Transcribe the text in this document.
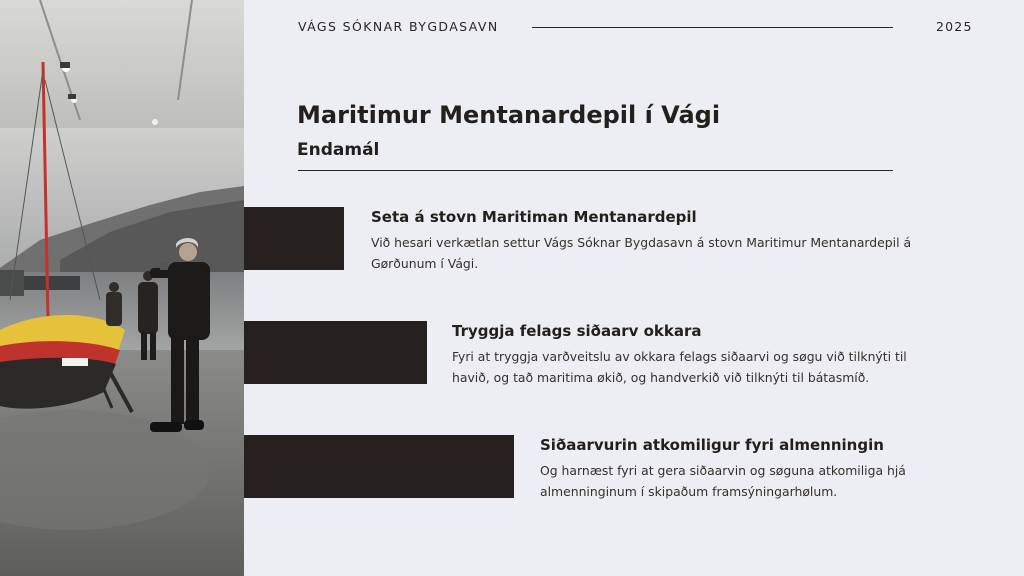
VÁGS SÓKNAR BYGDASAVN	2025
Maritimur Mentanardepil í Vági
Endamál
Seta á stovn Maritiman Mentanardepil
Við hesari verkætlan settur Vágs Sóknar Bygdasavn á stovn Maritimur Mentanardepil á Gørðunum í Vági.
Tryggja felags siðaarv okkara
Fyri at tryggja varðveitslu av okkara felags siðaarvi og søgu við tilknýti til havið, og tað maritima økið, og handverkið við tilknýti til bátasmíð.
Siðaarvurin atkomiligur fyri almenningin
Og harnæst fyri at gera siðaarvin og søguna atkomiliga hjá almenninginum í skipaðum framsýningarhølum.
